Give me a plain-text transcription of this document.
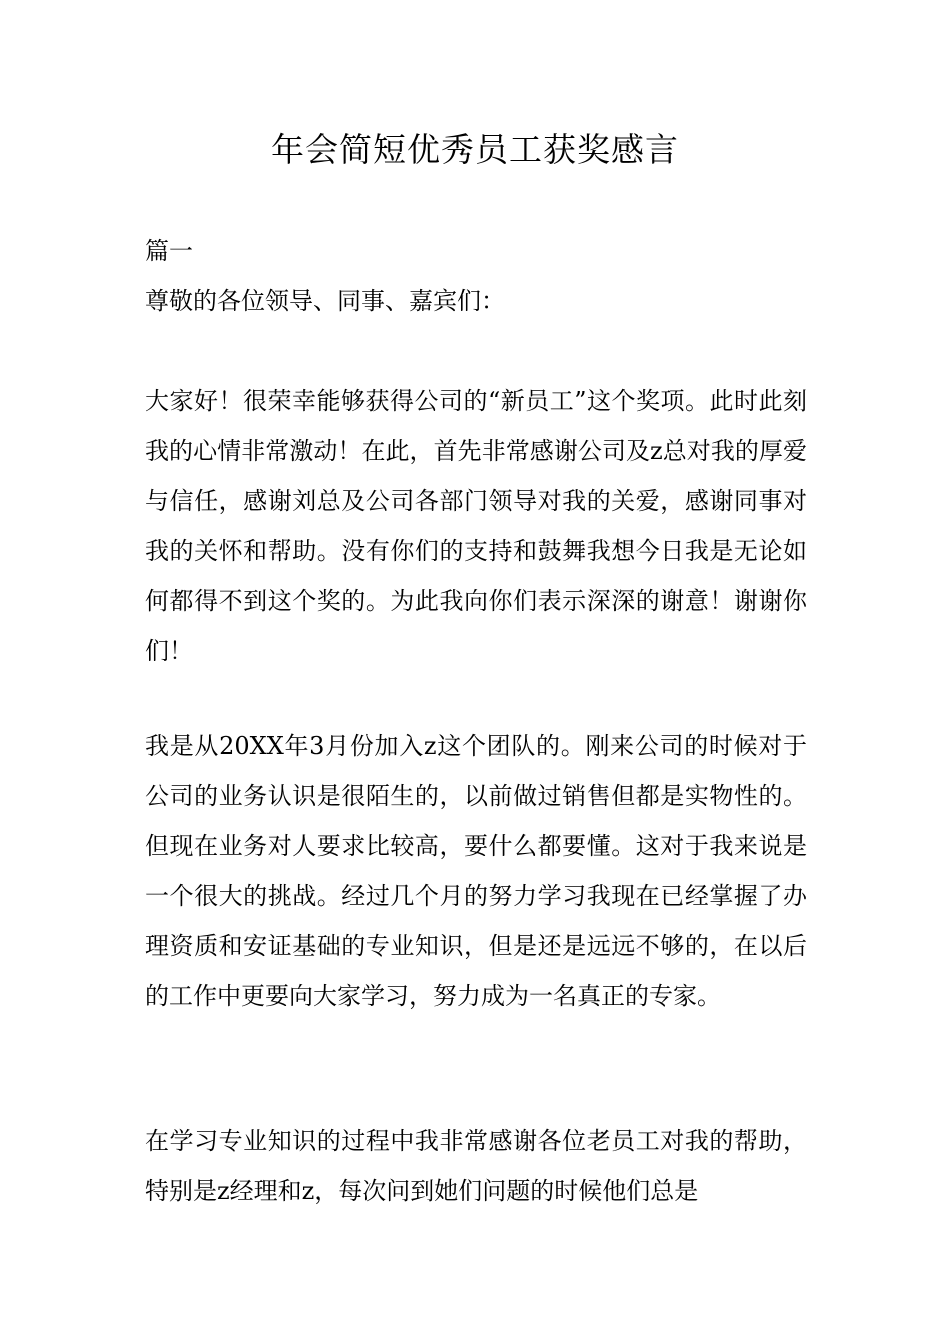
年会简短优秀员工获奖感言

篇一

尊敬的各位领导、同事、嘉宾们：

大家好！很荣幸能够获得公司的“新员工”这个奖项。此时此刻我的心情非常激动！在此，首先非常感谢公司及z总对我的厚爱与信任，感谢刘总及公司各部门领导对我的关爱，感谢同事对我的关怀和帮助。没有你们的支持和鼓舞我想今日我是无论如何都得不到这个奖的。为此我向你们表示深深的谢意！谢谢你们！

我是从20XX年3月份加入z这个团队的。刚来公司的时候对于公司的业务认识是很陌生的，以前做过销售但都是实物性的。但现在业务对人要求比较高，要什么都要懂。这对于我来说是一个很大的挑战。经过几个月的努力学习我现在已经掌握了办理资质和安证基础的专业知识，但是还是远远不够的，在以后的工作中更要向大家学习，努力成为一名真正的专家。

在学习专业知识的过程中我非常感谢各位老员工对我的帮助，特别是z经理和z，每次问到她们问题的时候他们总是
